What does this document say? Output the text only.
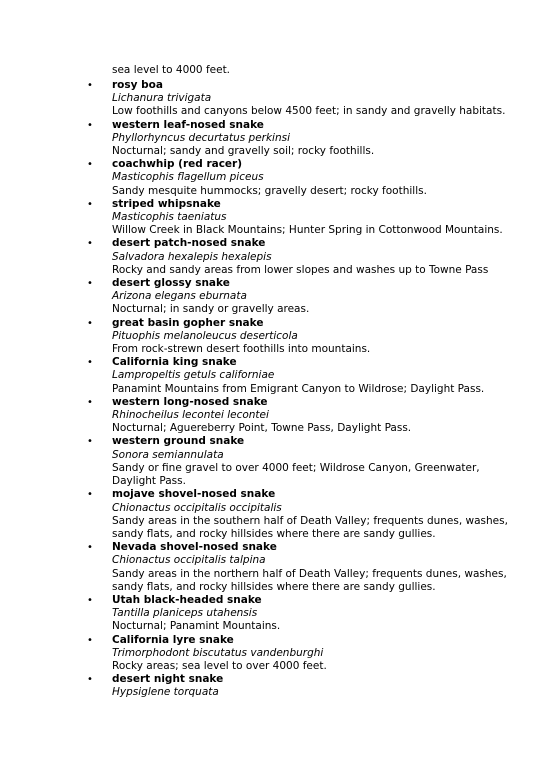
sea level to 4000 feet.
• rosy boa
Lichanura trivigata
Low foothills and canyons below 4500 feet; in sandy and gravelly habitats.
• western leaf-nosed snake
Phyllorhyncus decurtatus perkinsi
Nocturnal; sandy and gravelly soil; rocky foothills.
• coachwhip (red racer)
Masticophis flagellum piceus
Sandy mesquite hummocks; gravelly desert; rocky foothills.
• striped whipsnake
Masticophis taeniatus
Willow Creek in Black Mountains; Hunter Spring in Cottonwood Mountains.
• desert patch-nosed snake
Salvadora hexalepis hexalepis
Rocky and sandy areas from lower slopes and washes up to Towne Pass
• desert glossy snake
Arizona elegans eburnata
Nocturnal; in sandy or gravelly areas.
• great basin gopher snake
Pituophis melanoleucus deserticola
From rock-strewn desert foothills into mountains.
• California king snake
Lampropeltis getuls californiae
Panamint Mountains from Emigrant Canyon to Wildrose; Daylight Pass.
• western long-nosed snake
Rhinocheilus lecontei lecontei
Nocturnal; Aguereberry Point, Towne Pass, Daylight Pass.
• western ground snake
Sonora semiannulata
Sandy or fine gravel to over 4000 feet; Wildrose Canyon, Greenwater, Daylight Pass.
• mojave shovel-nosed snake
Chionactus occipitalis occipitalis
Sandy areas in the southern half of Death Valley; frequents dunes, washes, sandy flats, and rocky hillsides where there are sandy gullies.
• Nevada shovel-nosed snake
Chionactus occipitalis talpina
Sandy areas in the northern half of Death Valley; frequents dunes, washes, sandy flats, and rocky hillsides where there are sandy gullies.
• Utah black-headed snake
Tantilla planiceps utahensis
Nocturnal; Panamint Mountains.
• California lyre snake
Trimorphodont biscutatus vandenburghi
Rocky areas; sea level to over 4000 feet.
• desert night snake
Hypsiglene torquata
